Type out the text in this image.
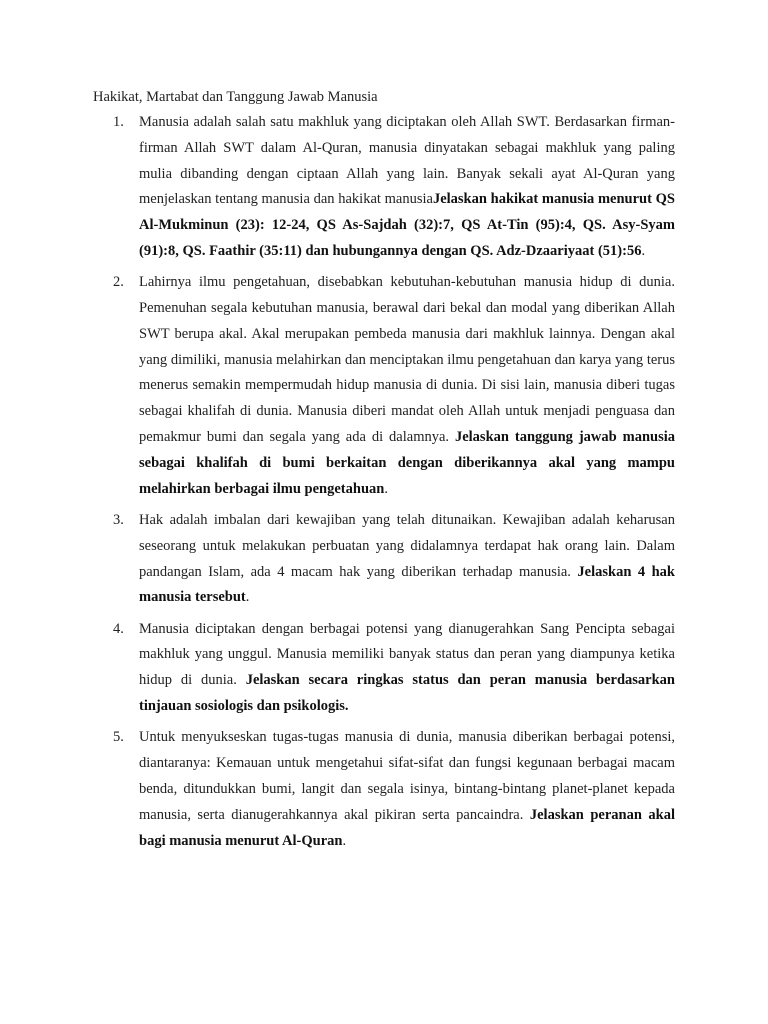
Hakikat, Martabat dan Tanggung Jawab Manusia
1. Manusia adalah salah satu makhluk yang diciptakan oleh Allah SWT. Berdasarkan firman-firman Allah SWT dalam Al-Quran, manusia dinyatakan sebagai makhluk yang paling mulia dibanding dengan ciptaan Allah yang lain. Banyak sekali ayat Al-Quran yang menjelaskan tentang manusia dan hakikat manusiaJelaskan hakikat manusia menurut QS Al-Mukminun (23): 12-24, QS As-Sajdah (32):7, QS At-Tin (95):4, QS. Asy-Syam (91):8, QS. Faathir (35:11) dan hubungannya dengan QS. Adz-Dzaariyaat (51):56.
2. Lahirnya ilmu pengetahuan, disebabkan kebutuhan-kebutuhan manusia hidup di dunia. Pemenuhan segala kebutuhan manusia, berawal dari bekal dan modal yang diberikan Allah SWT berupa akal. Akal merupakan pembeda manusia dari makhluk lainnya. Dengan akal yang dimiliki, manusia melahirkan dan menciptakan ilmu pengetahuan dan karya yang terus menerus semakin mempermudah hidup manusia di dunia. Di sisi lain, manusia diberi tugas sebagai khalifah di dunia. Manusia diberi mandat oleh Allah untuk menjadi penguasa dan pemakmur bumi dan segala yang ada di dalamnya. Jelaskan tanggung jawab manusia sebagai khalifah di bumi berkaitan dengan diberikannya akal yang mampu melahirkan berbagai ilmu pengetahuan.
3. Hak adalah imbalan dari kewajiban yang telah ditunaikan. Kewajiban adalah keharusan seseorang untuk melakukan perbuatan yang didalamnya terdapat hak orang lain. Dalam pandangan Islam, ada 4 macam hak yang diberikan terhadap manusia. Jelaskan 4 hak manusia tersebut.
4. Manusia diciptakan dengan berbagai potensi yang dianugerahkan Sang Pencipta sebagai makhluk yang unggul. Manusia memiliki banyak status dan peran yang diampunya ketika hidup di dunia. Jelaskan secara ringkas status dan peran manusia berdasarkan tinjauan sosiologis dan psikologis.
5. Untuk menyukseskan tugas-tugas manusia di dunia, manusia diberikan berbagai potensi, diantaranya: Kemauan untuk mengetahui sifat-sifat dan fungsi kegunaan berbagai macam benda, ditundukkan bumi, langit dan segala isinya, bintang-bintang planet-planet kepada manusia, serta dianugerahkannya akal pikiran serta pancaindra. Jelaskan peranan akal bagi manusia menurut Al-Quran.
